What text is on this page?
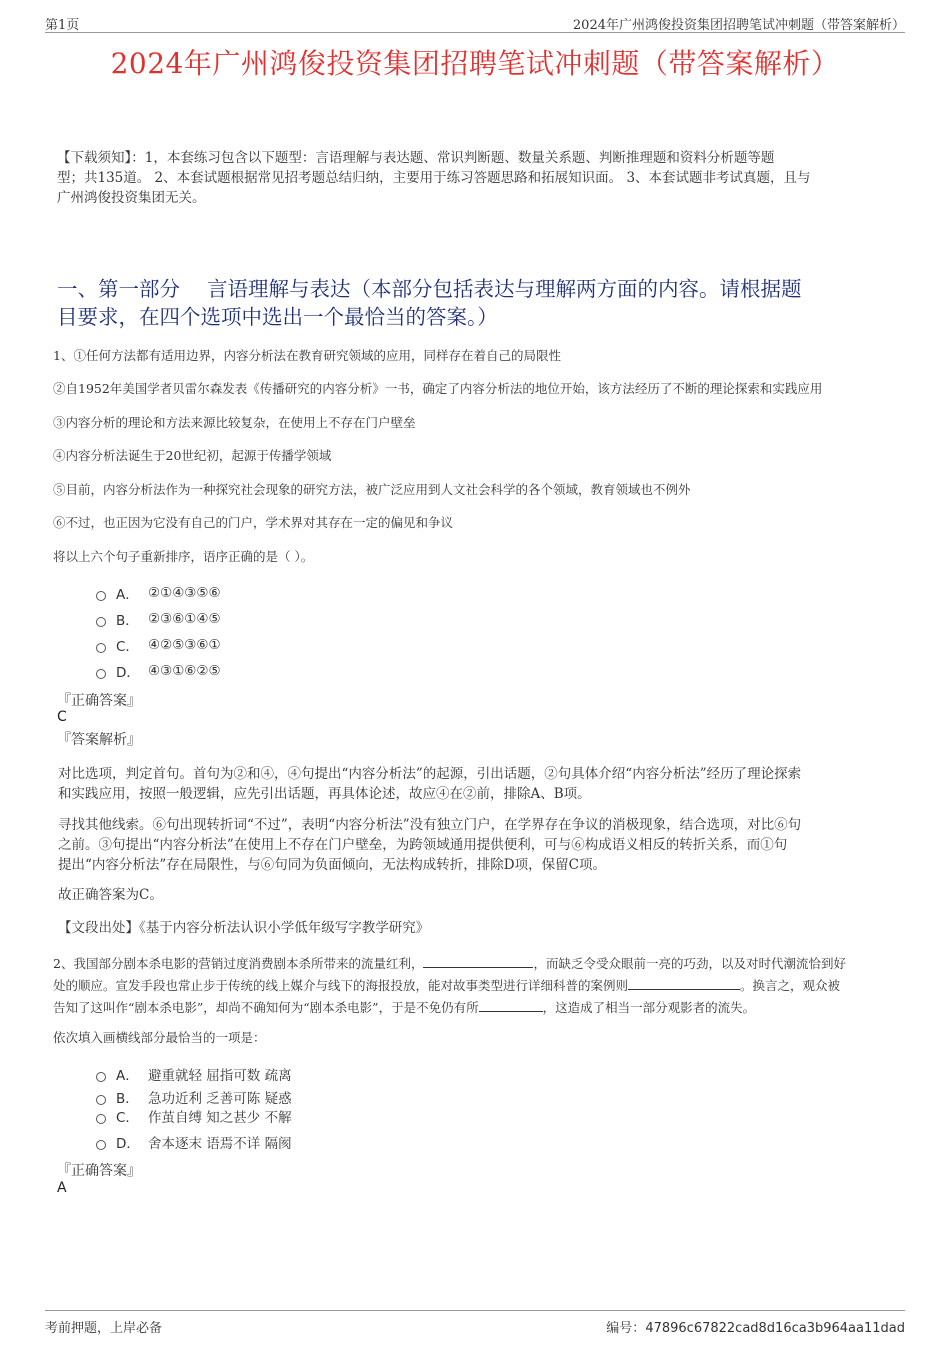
第1页	2024年广州鸿俊投资集团招聘笔试冲刺题（带答案解析）
2024年广州鸿俊投资集团招聘笔试冲刺题（带答案解析）
【下载须知】：1，本套练习包含以下题型：言语理解与表达题、常识判断题、数量关系题、判断推理题和资料分析题等题
型；共135道。 2、本套试题根据常见招考题总结归纳，主要用于练习答题思路和拓展知识面。 3、本套试题非考试真题，且与
广州鸿俊投资集团无关。
一、第一部分　 言语理解与表达（本部分包括表达与理解两方面的内容。请根据题
目要求，在四个选项中选出一个最恰当的答案。）
1、①任何方法都有适用边界，内容分析法在教育研究领域的应用，同样存在着自己的局限性
②自1952年美国学者贝雷尔森发表《传播研究的内容分析》一书，确定了内容分析法的地位开始，该方法经历了不断的理论探索和实践应用
③内容分析的理论和方法来源比较复杂，在使用上不存在门户壁垒
④内容分析法诞生于20世纪初，起源于传播学领域
⑤目前，内容分析法作为一种探究社会现象的研究方法，被广泛应用到人文社会科学的各个领域，教育领域也不例外
⑥不过，也正因为它没有自己的门户，学术界对其存在一定的偏见和争议
将以上六个句子重新排序，语序正确的是（ ）。
A． ②①④③⑤⑥
B． ②③⑥①④⑤
C． ④②⑤③⑥①
D． ④③①⑥②⑤
『正确答案』
C
『答案解析』
对比选项，判定首句。首句为②和④，④句提出“内容分析法”的起源，引出话题，②句具体介绍“内容分析法”经历了理论探索
和实践应用，按照一般逻辑，应先引出话题，再具体论述，故应④在②前，排除A、B项。
寻找其他线索。⑥句出现转折词“不过”，表明“内容分析法”没有独立门户，在学界存在争议的消极现象，结合选项，对比⑥句
之前。③句提出“内容分析法”在使用上不存在门户壁垒，为跨领域通用提供便利，可与⑥构成语义相反的转折关系，而①句
提出“内容分析法”存在局限性，与⑥句同为负面倾向，无法构成转折，排除D项，保留C项。
故正确答案为C。
【文段出处】《基于内容分析法认识小学低年级写字教学研究》
2、我国部分剧本杀电影的营销过度消费剧本杀所带来的流量红利，	，而缺乏令受众眼前一亮的巧劲，以及对时代潮流恰到好
处的顺应。宣发手段也常止步于传统的线上媒介与线下的海报投放，能对故事类型进行详细科普的案例则	。换言之，观众被
告知了这叫作“剧本杀电影”，却尚不确知何为“剧本杀电影”，于是不免仍有所	，这造成了相当一部分观影者的流失。
依次填入画横线部分最恰当的一项是：
A． 避重就轻 屈指可数 疏离
B． 急功近利 乏善可陈 疑惑
C． 作茧自缚 知之甚少 不解
D． 舍本逐末 语焉不详 隔阂
『正确答案』
A
考前押题，上岸必备	编号：47896c67822cad8d16ca3b964aa11dad
